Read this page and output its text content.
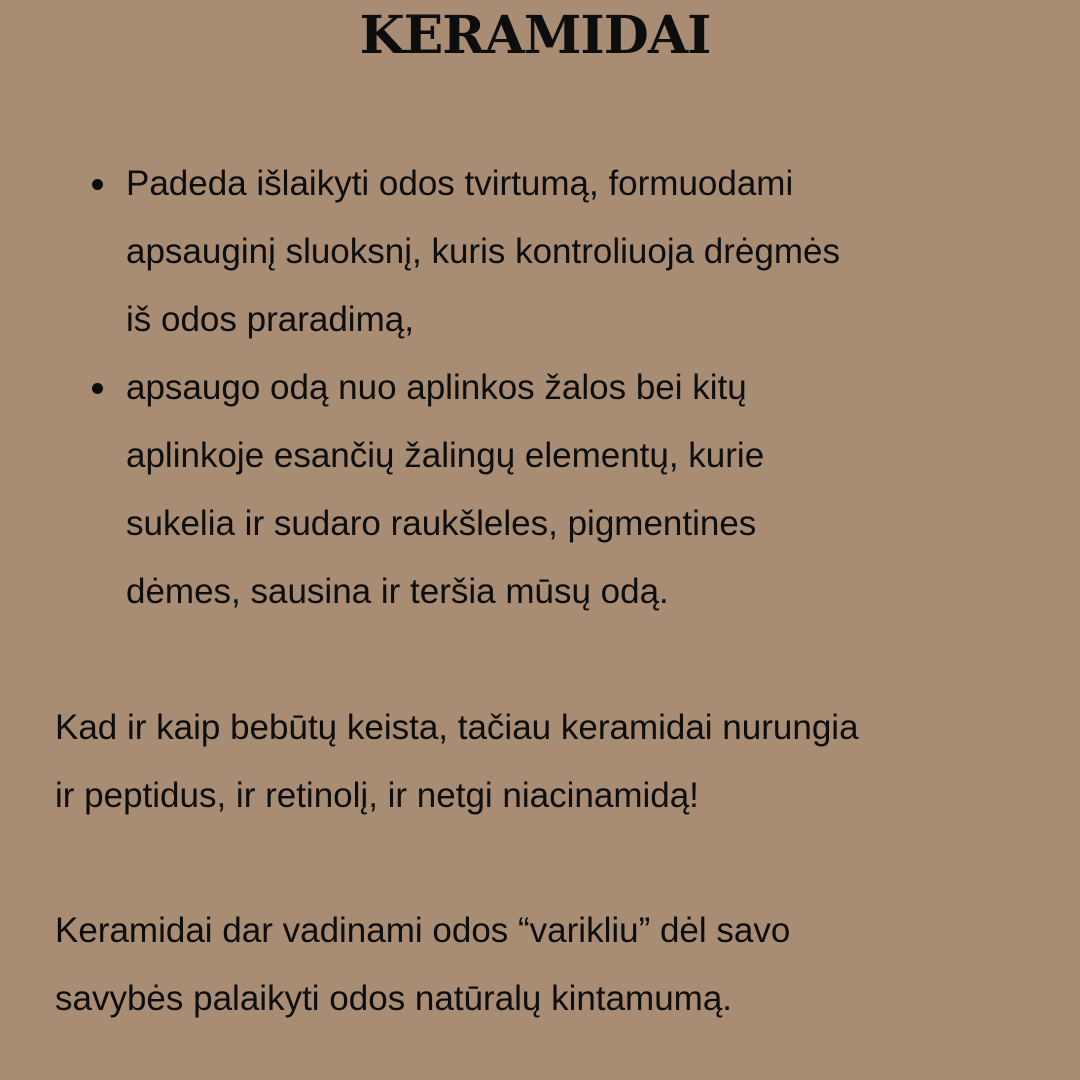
KERAMIDAI
Padeda išlaikyti odos tvirtumą, formuodami
apsauginį sluoksnį, kuris kontroliuoja drėgmės
iš odos praradimą,
apsaugo odą nuo aplinkos žalos bei kitų
aplinkoje esančių žalingų elementų, kurie
sukelia ir sudaro raukšleles, pigmentines
dėmes, sausina ir teršia mūsų odą.
Kad ir kaip bebūtų keista, tačiau keramidai nurungia
ir peptidus, ir retinolį, ir netgi niacinamidą!
Keramidai dar vadinami odos “varikliu” dėl savo
savybės palaikyti odos natūralų kintamumą.
